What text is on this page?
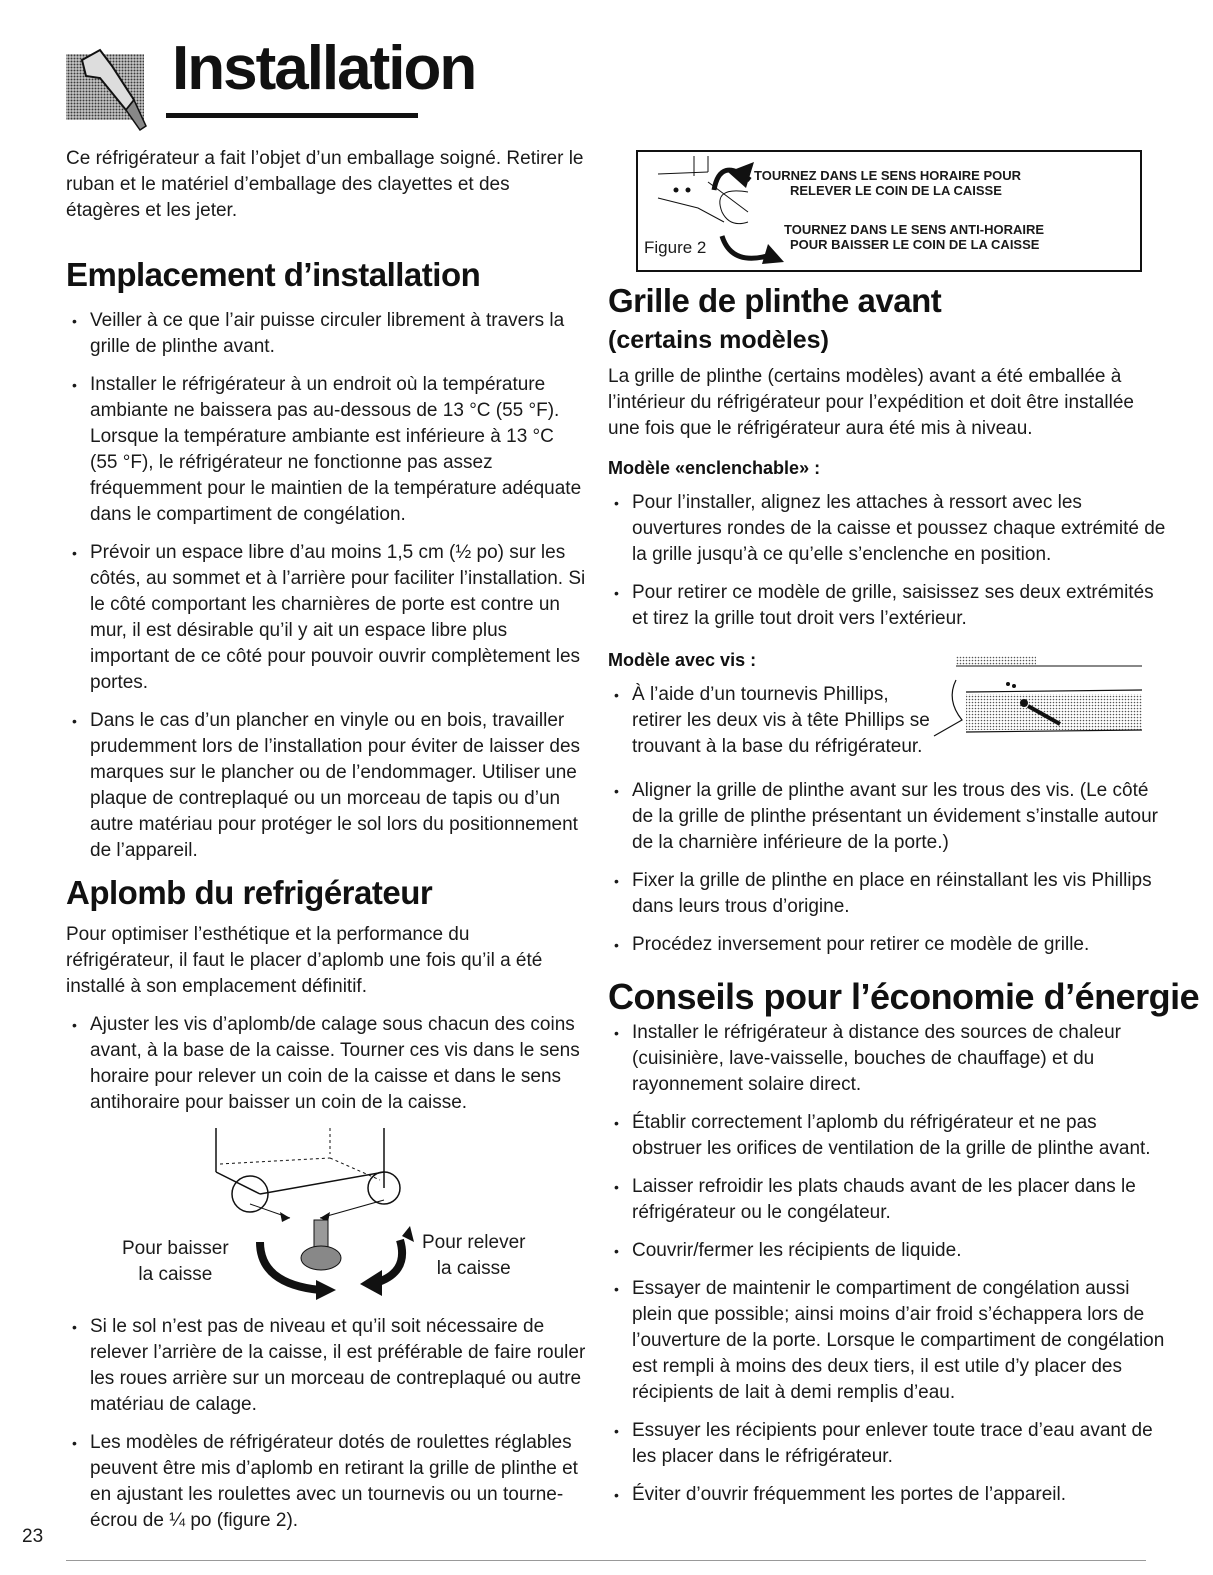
Installation
Ce réfrigérateur a fait l’objet d’un emballage soigné. Retirer le ruban et le matériel d’emballage des clayettes et des étagères et les jeter.
Emplacement d’installation
• Veiller à ce que l’air puisse circuler librement à travers la grille de plinthe avant.
• Installer le réfrigérateur à un endroit où la température ambiante ne baissera pas au-dessous de 13 °C (55 °F). Lorsque la température ambiante est inférieure à 13 °C (55 °F), le réfrigérateur ne fonctionne pas assez fréquemment pour le maintien de la température adéquate dans le compartiment de congélation.
• Prévoir un espace libre d’au moins 1,5 cm (½ po) sur les côtés, au sommet et à l’arrière pour faciliter l’installation. Si le côté comportant les charnières de porte est contre un mur, il est désirable qu’il y ait un espace libre plus important de ce côté pour pouvoir ouvrir complètement les portes.
• Dans le cas d’un plancher en vinyle ou en bois, travailler prudemment lors de l’installation pour éviter de laisser des marques sur le plancher ou de l’endommager. Utiliser une plaque de contreplaqué ou un morceau de tapis ou d’un autre matériau pour protéger le sol lors du positionnement de l’appareil.
Aplomb du refrigérateur
Pour optimiser l’esthétique et la performance du réfrigérateur, il faut le placer d’aplomb une fois qu’il a été installé à son emplacement définitif.
• Ajuster les vis d’aplomb/de calage sous chacun des coins avant, à la base de la caisse. Tourner ces vis dans le sens horaire pour relever un coin de la caisse et dans le sens antihoraire pour baisser un coin de la caisse.
Pour baisser
la caisse
Pour relever
la caisse
• Si le sol n’est pas de niveau et qu’il soit nécessaire de relever l’arrière de la caisse, il est préférable de faire rouler les roues arrière sur un morceau de contreplaqué ou autre matériau de calage.
• Les modèles de réfrigérateur dotés de roulettes réglables peuvent être mis d’aplomb en retirant la grille de plinthe et en ajustant les roulettes avec un tournevis ou un tourne-écrou de ¼ po (figure 2).
23
Figure 2
TOURNEZ DANS LE SENS HORAIRE POUR
RELEVER LE COIN DE LA CAISSE
TOURNEZ DANS LE SENS ANTI-HORAIRE
POUR BAISSER LE COIN DE LA CAISSE
Grille de plinthe avant
(certains modèles)
La grille de plinthe (certains modèles) avant a été emballée à l’intérieur du réfrigérateur pour l’expédition et doit être installée une fois que le réfrigérateur aura été mis à niveau.
Modèle «enclenchable» :
• Pour l’installer, alignez les attaches à ressort avec les ouvertures rondes de la caisse et poussez chaque extrémité de la grille jusqu’à ce qu’elle s’enclenche en position.
• Pour retirer ce modèle de grille, saisissez ses deux extrémités et tirez la grille tout droit vers l’extérieur.
Modèle avec vis :
• À l’aide d’un tournevis Phillips, retirer les deux vis à tête Phillips se trouvant à la base du réfrigérateur.
• Aligner la grille de plinthe avant sur les trous des vis. (Le côté de la grille de plinthe présentant un évidement s’installe autour de la charnière inférieure de la porte.)
• Fixer la grille de plinthe en place en réinstallant les vis Phillips dans leurs trous d’origine.
• Procédez inversement pour retirer ce modèle de grille.
Conseils pour l’économie d’énergie
• Installer le réfrigérateur à distance des sources de chaleur (cuisinière, lave-vaisselle, bouches de chauffage) et du rayonnement solaire direct.
• Établir correctement l’aplomb du réfrigérateur et ne pas obstruer les orifices de ventilation de la grille de plinthe avant.
• Laisser refroidir les plats chauds avant de les placer dans le réfrigérateur ou le congélateur.
• Couvrir/fermer les récipients de liquide.
• Essayer de maintenir le compartiment de congélation aussi plein que possible; ainsi moins d’air froid s’échappera lors de l’ouverture de la porte. Lorsque le compartiment de congélation est rempli à moins des deux tiers, il est utile d’y placer des récipients de lait à demi remplis d’eau.
• Essuyer les récipients pour enlever toute trace d’eau avant de les placer dans le réfrigérateur.
• Éviter d’ouvrir fréquemment les portes de l’appareil.
